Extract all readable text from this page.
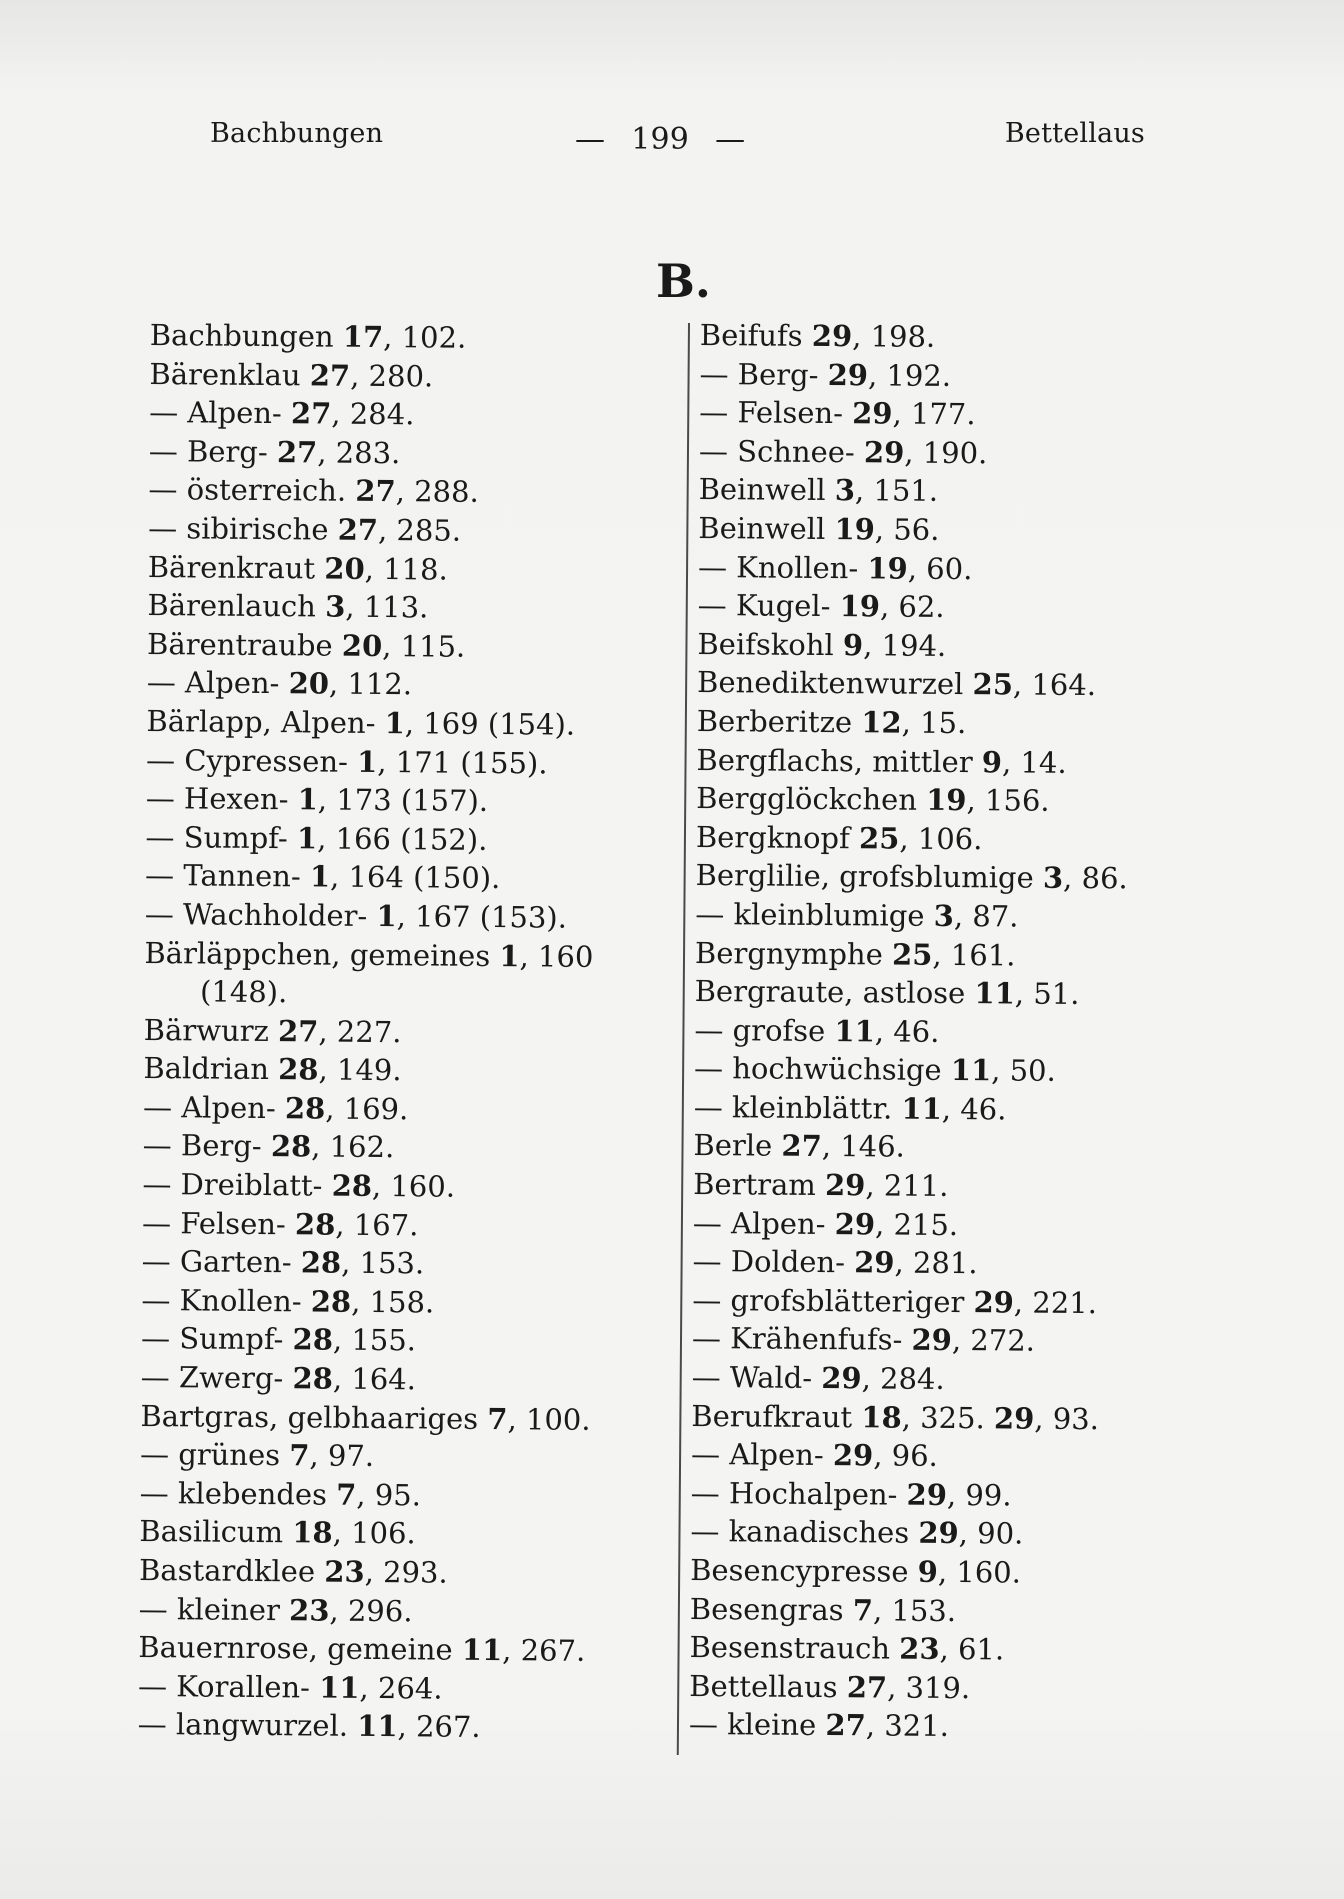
Bachbungen	— 199 —	Bettellaus
B.
Bachbungen 17, 102.
Bärenklau 27, 280.
— Alpen- 27, 284.
— Berg- 27, 283.
— österreich. 27, 288.
— sibirische 27, 285.
Bärenkraut 20, 118.
Bärenlauch 3, 113.
Bärentraube 20, 115.
— Alpen- 20, 112.
Bärlapp, Alpen- 1, 169 (154).
— Cypressen- 1, 171 (155).
— Hexen- 1, 173 (157).
— Sumpf- 1, 166 (152).
— Tannen- 1, 164 (150).
— Wachholder- 1, 167 (153).
Bärläppchen, gemeines 1, 160
(148).
Bärwurz 27, 227.
Baldrian 28, 149.
— Alpen- 28, 169.
— Berg- 28, 162.
— Dreiblatt- 28, 160.
— Felsen- 28, 167.
— Garten- 28, 153.
— Knollen- 28, 158.
— Sumpf- 28, 155.
— Zwerg- 28, 164.
Bartgras, gelbhaariges 7, 100.
— grünes 7, 97.
— klebendes 7, 95.
Basilicum 18, 106.
Bastardklee 23, 293.
— kleiner 23, 296.
Bauernrose, gemeine 11, 267.
— Korallen- 11, 264.
— langwurzel. 11, 267.
Beifufs 29, 198.
— Berg- 29, 192.
— Felsen- 29, 177.
— Schnee- 29, 190.
Beinwell 3, 151.
Beinwell 19, 56.
— Knollen- 19, 60.
— Kugel- 19, 62.
Beifskohl 9, 194.
Benediktenwurzel 25, 164.
Berberitze 12, 15.
Bergflachs, mittler 9, 14.
Bergglöckchen 19, 156.
Bergknopf 25, 106.
Berglilie, grofsblumige 3, 86.
— kleinblumige 3, 87.
Bergnymphe 25, 161.
Bergraute, astlose 11, 51.
— grofse 11, 46.
— hochwüchsige 11, 50.
— kleinblättr. 11, 46.
Berle 27, 146.
Bertram 29, 211.
— Alpen- 29, 215.
— Dolden- 29, 281.
— grofsblätteriger 29, 221.
— Krähenfufs- 29, 272.
— Wald- 29, 284.
Berufkraut 18, 325. 29, 93.
— Alpen- 29, 96.
— Hochalpen- 29, 99.
— kanadisches 29, 90.
Besencypresse 9, 160.
Besengras 7, 153.
Besenstrauch 23, 61.
Bettellaus 27, 319.
— kleine 27, 321.
